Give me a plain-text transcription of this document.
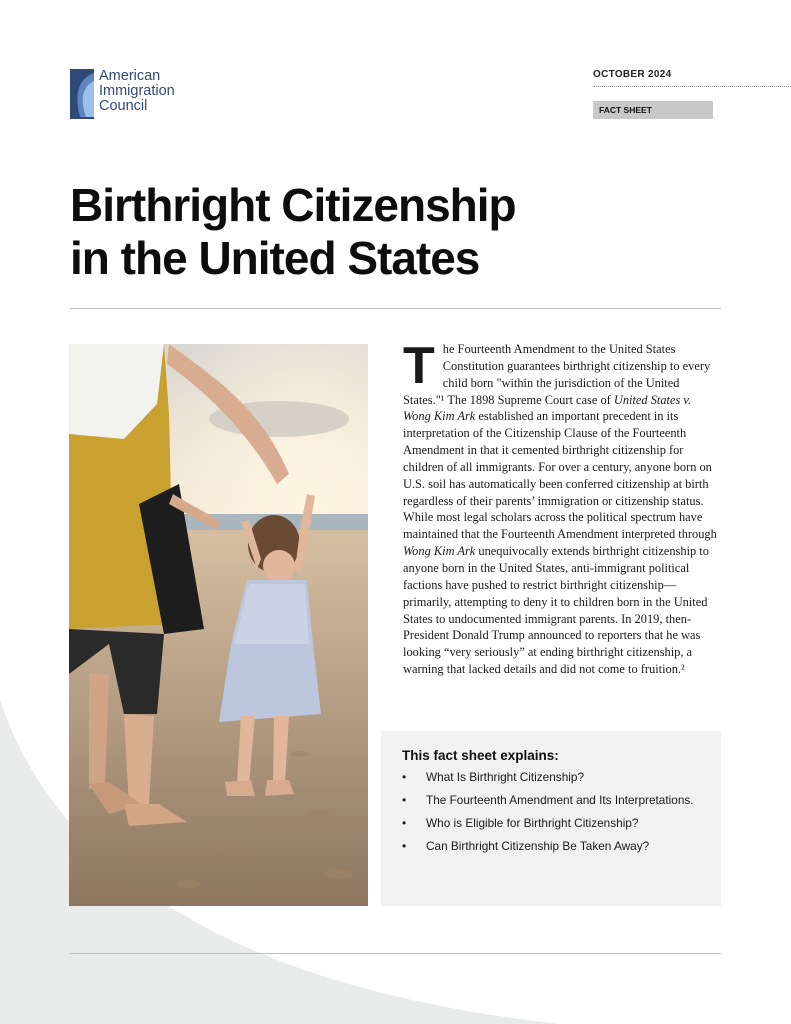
American
Immigration
Council
OCTOBER 2024
FACT SHEET
Birthright Citizenship
in the United States
The Fourteenth Amendment to the United States Constitution guarantees birthright citizenship to every child born "within the jurisdiction of the United States."¹ The 1898 Supreme Court case of United States v. Wong Kim Ark established an important precedent in its interpretation of the Citizenship Clause of the Fourteenth Amendment in that it cemented birthright citizenship for children of all immigrants. For over a century, anyone born on U.S. soil has automatically been conferred citizenship at birth regardless of their parents’ immigration or citizenship status. While most legal scholars across the political spectrum have maintained that the Fourteenth Amendment interpreted through Wong Kim Ark unequivocally extends birthright citizenship to anyone born in the United States, anti-immigrant political factions have pushed to restrict birthright citizenship—primarily, attempting to deny it to children born in the United States to undocumented immigrant parents. In 2019, then-President Donald Trump announced to reporters that he was looking “very seriously” at ending birthright citizenship, a warning that lacked details and did not come to fruition.²

This fact sheet explains:

• What Is Birthright Citizenship?
• The Fourteenth Amendment and Its Interpretations.
• Who is Eligible for Birthright Citizenship?
• Can Birthright Citizenship Be Taken Away?
